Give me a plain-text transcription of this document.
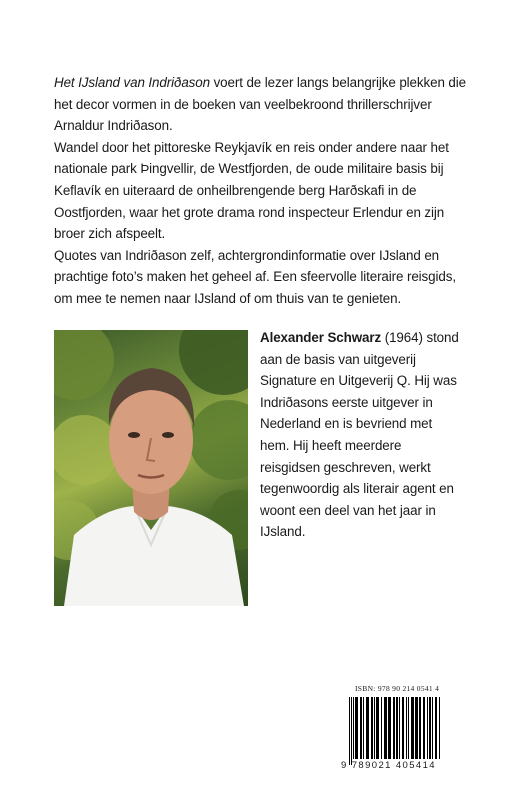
Het IJsland van Indriðason voert de lezer langs belangrijke plekken die het decor vormen in de boeken van veelbekroond thrillerschrijver Arnaldur Indriðason.

Wandel door het pittoreske Reykjavík en reis onder andere naar het nationale park Þingvellir, de Westfjorden, de oude militaire basis bij Keflavík en uiteraard de onheilbrengende berg Harðskafi in de Oostfjorden, waar het grote drama rond inspecteur Erlendur en zijn broer zich afspeelt.

Quotes van Indriðason zelf, achtergrondinformatie over IJsland en prachtige foto’s maken het geheel af. Een sfeervolle literaire reisgids, om mee te nemen naar IJsland of om thuis van te genieten.

Alexander Schwarz (1964) stond aan de basis van uitgeverij Signature en Uitgeverij Q. Hij was Indriðasons eerste uitgever in Nederland en is bevriend met hem. Hij heeft meerdere reisgidsen geschreven, werkt tegenwoordig als literair agent en woont een deel van het jaar in IJsland.
ISBN: 978 90 214 0541 4
9 789021 405414
